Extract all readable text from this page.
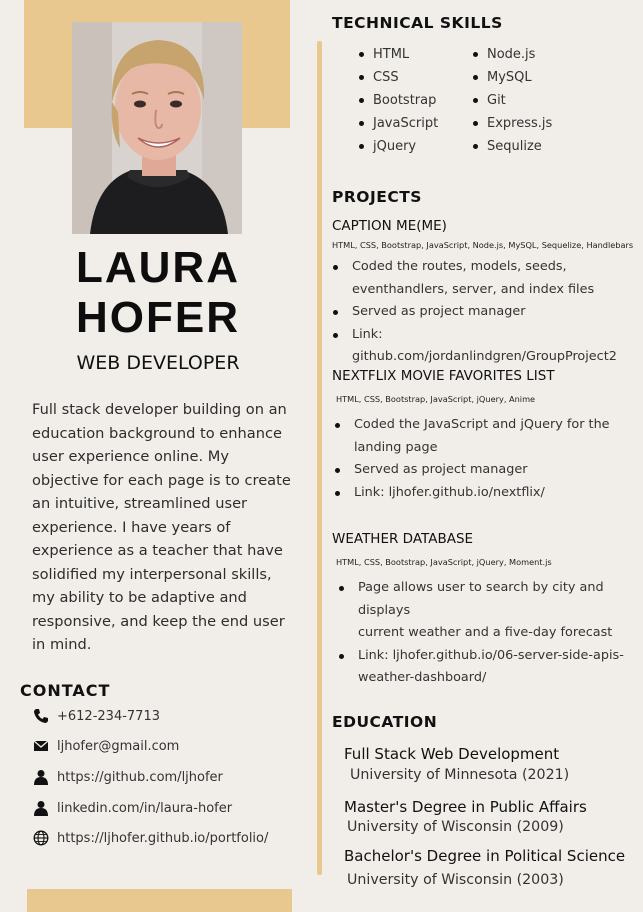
LAURA
HOFER
WEB DEVELOPER
Full stack developer building on an education background to enhance user experience online. My objective for each page is to create an intuitive, streamlined user experience. I have years of experience as a teacher that have solidified my interpersonal skills, my ability to be adaptive and responsive, and keep the end user in mind.
CONTACT
+612-234-7713
ljhofer@gmail.com
https://github.com/ljhofer
linkedin.com/in/laura-hofer
https://ljhofer.github.io/portfolio/
TECHNICAL SKILLS
HTML
CSS
Bootstrap
JavaScript
jQuery
Node.js
MySQL
Git
Express.js
Sequlize
PROJECTS
CAPTION ME(ME)
HTML, CSS, Bootstrap, JavaScript, Node.js, MySQL, Sequelize, Handlebars
Coded the routes, models, seeds,
eventhandlers, server, and index files
Served as project manager
Link: github.com/jordanlindgren/GroupProject2
NEXTFLIX MOVIE FAVORITES LIST
HTML, CSS, Bootstrap, JavaScript, jQuery, Anime
Coded the JavaScript and jQuery for the
landing page
Served as project manager
Link: ljhofer.github.io/nextflix/
WEATHER DATABASE
HTML, CSS, Bootstrap, JavaScript, jQuery, Moment.js
Page allows user to search by city and displays
current weather and a five-day forecast
Link: ljhofer.github.io/06-server-side-apis-
weather-dashboard/
EDUCATION
Full Stack Web Development
University of Minnesota (2021)
Master's Degree in Public Affairs
University of Wisconsin (2009)
Bachelor's Degree in Political Science
University of Wisconsin (2003)
